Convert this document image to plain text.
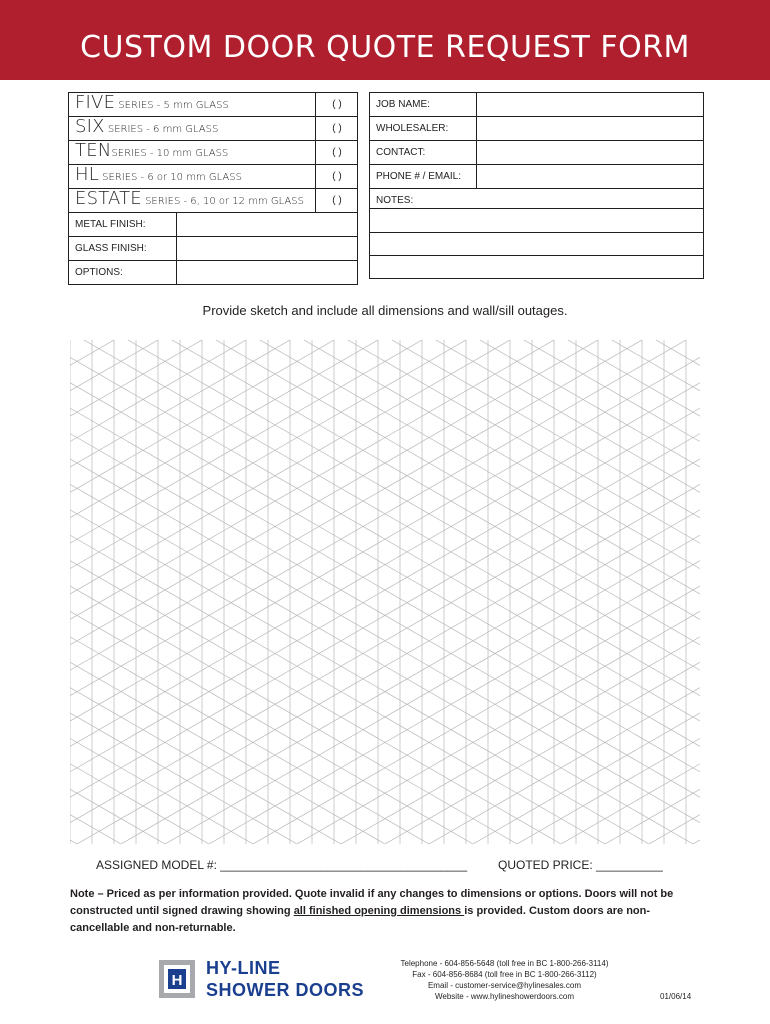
CUSTOM DOOR QUOTE REQUEST FORM
FIVE SERIES - 5 mm GLASS	( )
SIX SERIES - 6 mm GLASS	( )
TENSERIES - 10 mm GLASS	( )
HL SERIES - 6 or 10 mm GLASS	( )
ESTATE SERIES - 6, 10 or 12 mm GLASS	( )
METAL FINISH:
GLASS FINISH:
OPTIONS:
JOB NAME:
WHOLESALER:
CONTACT:
PHONE # / EMAIL:
NOTES:
Provide sketch and include all dimensions and wall/sill outages.
ASSIGNED MODEL #: _____________________________________	QUOTED PRICE: __________
Note – Priced as per information provided. Quote invalid if any changes to dimensions or options. Doors will not be constructed until signed drawing showing all finished opening dimensions is provided. Custom doors are non-cancellable and non-returnable.
H
HY-LINE
SHOWER DOORS
Telephone - 604-856-5648 (toll free in BC 1-800-266-3114)
Fax - 604-856-8684 (toll free in BC 1-800-266-3112)
Email - customer-service@hylinesales.com
Website - www.hylineshowerdoors.com	01/06/14
